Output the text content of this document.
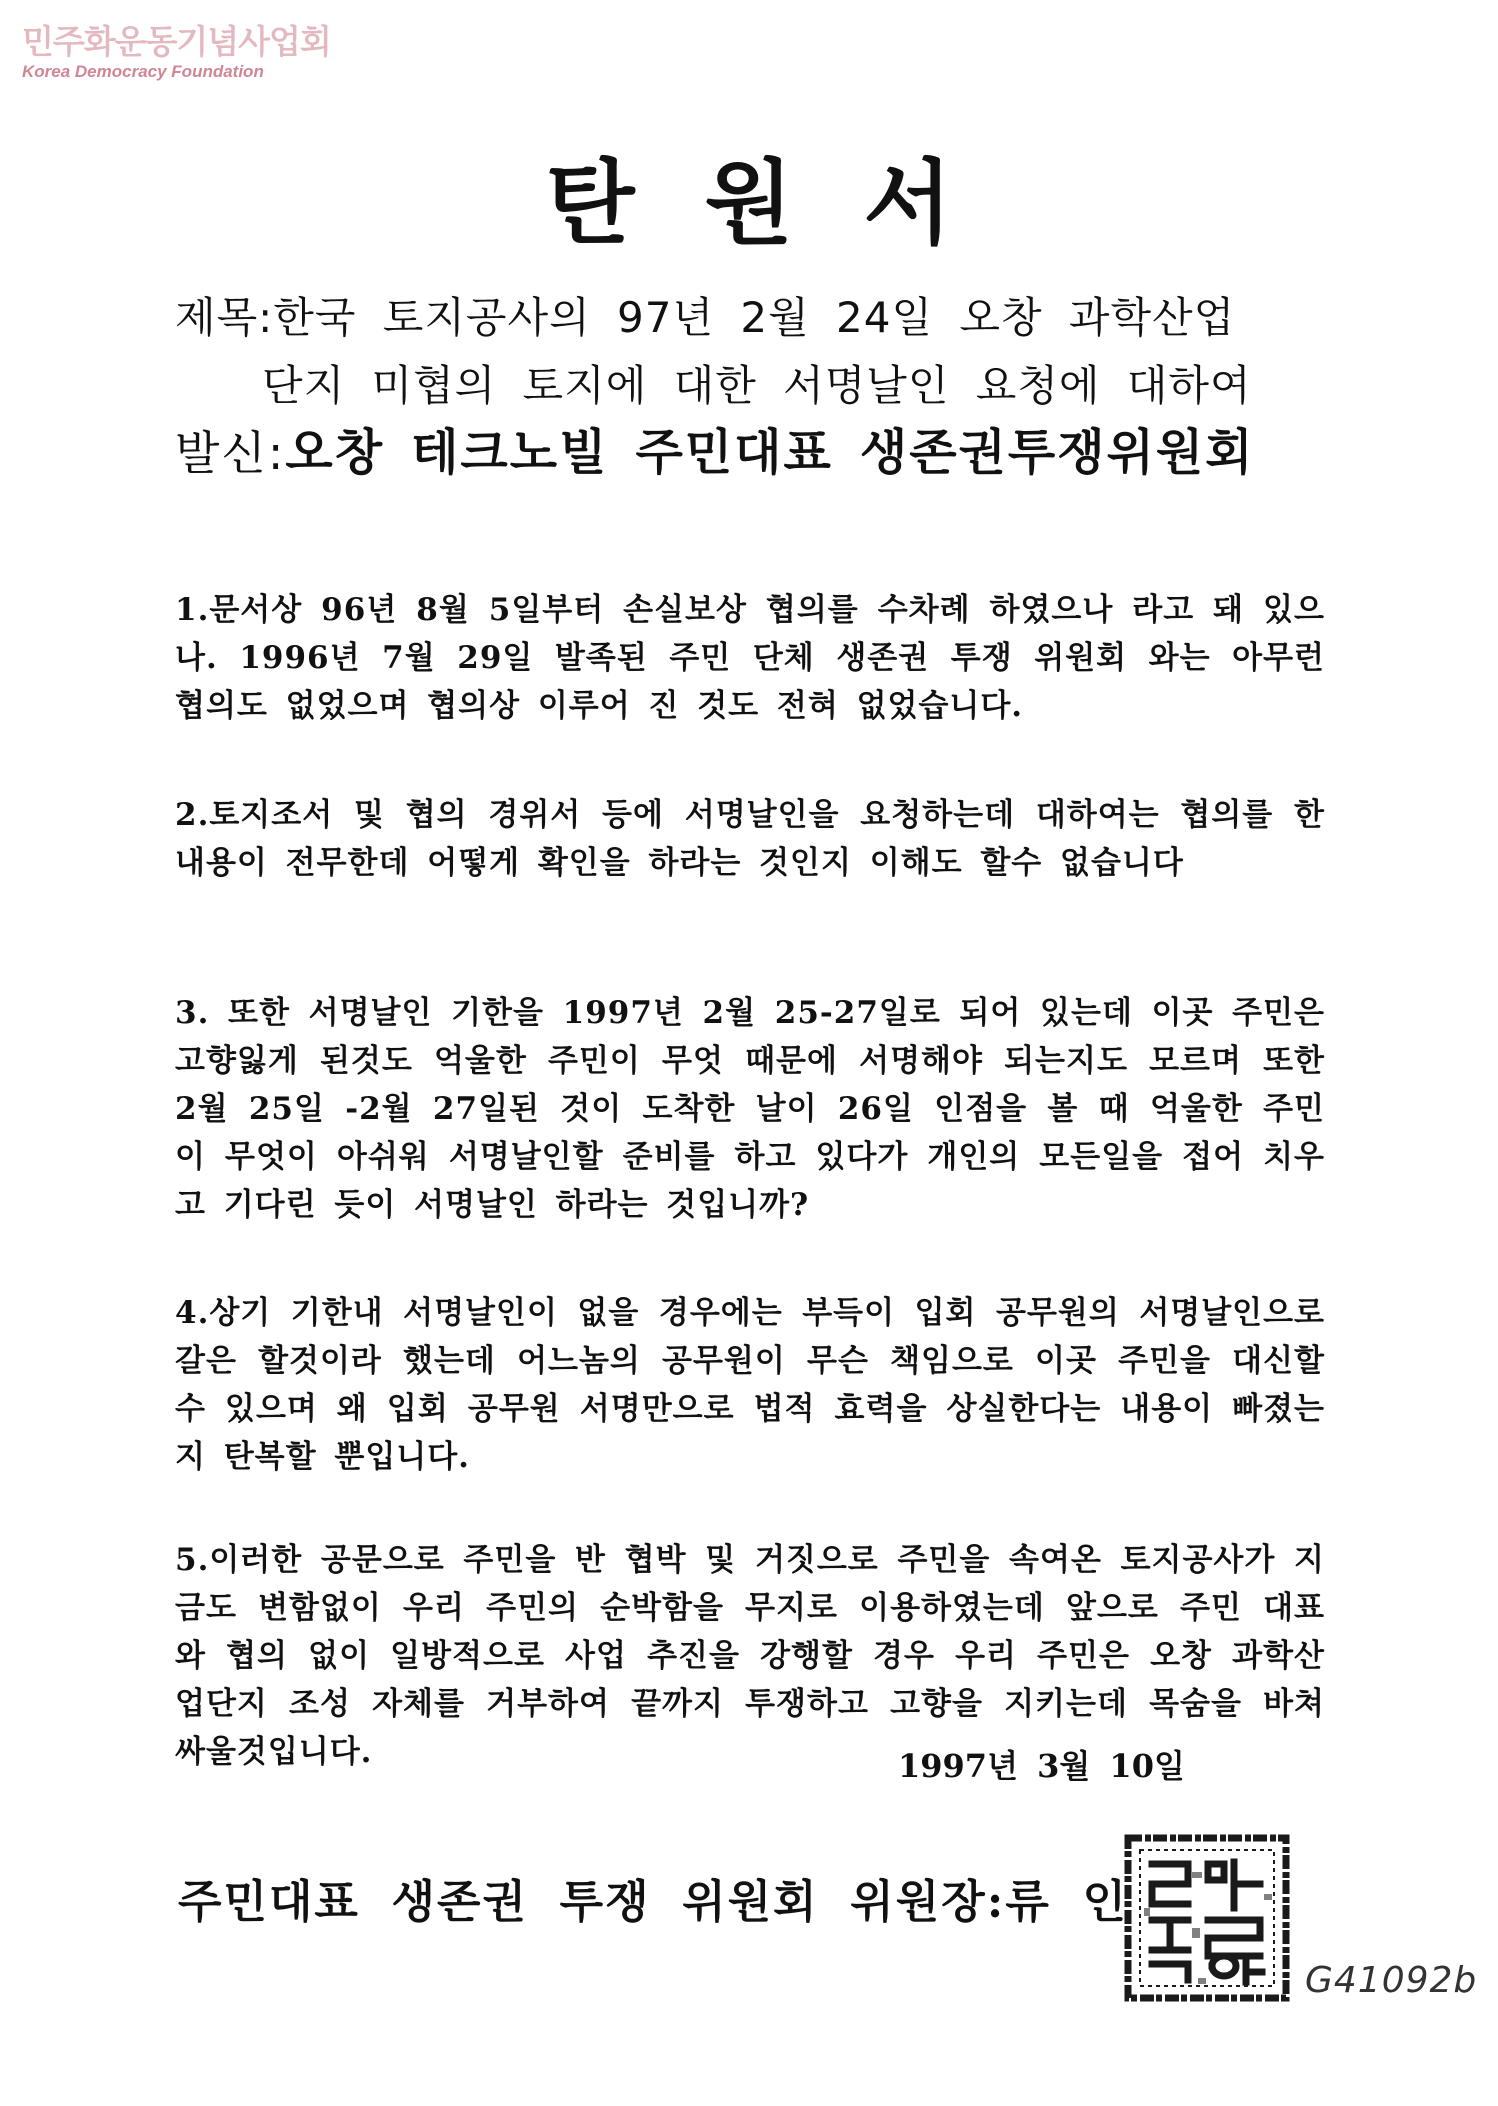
민주화운동기념사업회
Korea Democracy Foundation
탄원서
제목:한국 토지공사의 97년 2월 24일 오창 과학산업
단지 미협의 토지에 대한 서명날인 요청에 대하여
발신:오창 테크노빌 주민대표 생존권투쟁위원회

1.문서상 96년 8월 5일부터 손실보상 협의를 수차례 하였으나 라고 돼 있으나. 1996년 7월 29일 발족된 주민 단체 생존권 투쟁 위원회 와는 아무런 협의도 없었으며 협의상 이루어 진 것도 전혀 없었습니다.

2.토지조서 및 협의 경위서 등에 서명날인을 요청하는데 대하여는 협의를 한내용이 전무한데 어떻게 확인을 하라는 것인지 이해도 할수 없습니다

3. 또한 서명날인 기한을 1997년 2월 25-27일로 되어 있는데 이곳 주민은 고향잃게 된것도 억울한 주민이 무엇 때문에 서명해야 되는지도 모르며 또한 2월 25일 -2월 27일된 것이 도착한 날이 26일 인점을 볼 때 억울한 주민이 무엇이 아쉬워 서명날인할 준비를 하고 있다가 개인의 모든일을 접어 치우고 기다린 듯이 서명날인 하라는 것입니까?

4.상기 기한내 서명날인이 없을 경우에는 부득이 입회 공무원의 서명날인으로 갈은 할것이라 했는데 어느놈의 공무원이 무슨 책임으로 이곳 주민을 대신할수 있으며 왜 입회 공무원 서명만으로 법적 효력을 상실한다는 내용이 빠졌는지 탄복할 뿐입니다.

5.이러한 공문으로 주민을 반 협박 및 거짓으로 주민을 속여온 토지공사가 지금도 변함없이 우리 주민의 순박함을 무지로 이용하였는데 앞으로 주민 대표와 협의 없이 일방적으로 사업 추진을 강행할 경우 우리 주민은 오창 과학산업단지 조성 자체를 거부하여 끝까지 투쟁하고 고향을 지키는데 목숨을 바쳐 싸울것입니다.	1997년 3월 10일
주민대표 생존권 투쟁 위원회 위원장:류 인
G41092b
